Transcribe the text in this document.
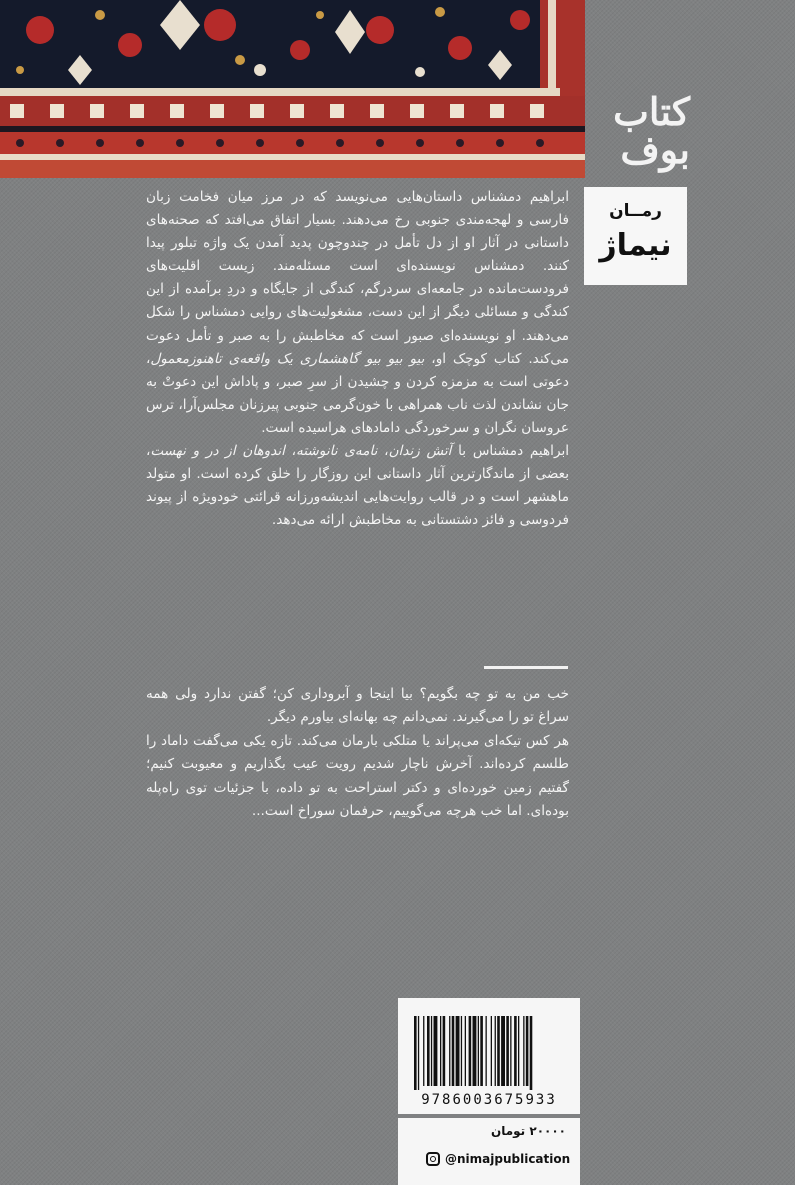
کتاب
بوف
رمــان
نیماژ

ابراهیم دمشناس داستان‌هایی می‌نویسد که در مرز میان فخامت زبان فارسی و لهجه‌مندی جنوبی رخ می‌دهند. بسیار اتفاق می‌افتد که صحنه‌های داستانی در آثار او از دل تأمل در چندوچون پدید آمدن یک واژه تبلور پیدا کنند. دمشناس نویسنده‌ای است مسئله‌مند. زیست اقلیت‌های فرودست‌مانده در جامعه‌ای سردرگم، کندگی از جایگاه و دردِ برآمده از این کندگی و مسائلی دیگر از این دست، مشغولیت‌های روایی دمشناس را شکل می‌دهند. او نویسنده‌ای صبور است که مخاطبش را به صبر و تأمل دعوت می‌کند. کتاب کوچک او، بیو بیو بیو گاهشماری یک واقعه‌ی تاهنوزمعمول، دعوتی است به مزمزه کردن و چشیدن از سرِ صبر، و پاداش این دعوتْ به جان نشاندن لذت ناب همراهی با خون‌گرمی جنوبی پیرزنان مجلس‌آرا، ترس عروسان نگران و سرخوردگی دامادهای هراسیده است.

ابراهیم دمشناس با آتش زندان، نامه‌ی نانوشته، اندوهان از در و نهست، بعضی از ماندگارترین آثار داستانی این روزگار را خلق کرده است. او متولد ماهشهر است و در قالب روایت‌هایی اندیشه‌ورزانه قرائتی خودویژه از پیوند فردوسی و فائز دشتستانی به مخاطبش ارائه می‌دهد.

خب من به تو چه بگویم؟ بیا اینجا و آبروداری کن؛ گفتن ندارد ولی همه سراغ تو را می‌گیرند. نمی‌دانم چه بهانه‌ای بیاورم دیگر.

هر کس تیکه‌ای می‌پراند یا متلکی بارمان می‌کند. تازه یکی می‌گفت داماد را طلسم کرده‌اند. آخرش ناچار شدیم رویت عیب بگذاریم و معیوبت کنیم؛ گفتیم زمین خورده‌ای و دکتر استراحت به تو داده، با جزئیات توی راه‌پله بوده‌ای. اما خب هرچه می‌گوییم، حرفمان سوراخ است...

9786003675933
۲۰۰۰۰ تومان
@nimajpublication
